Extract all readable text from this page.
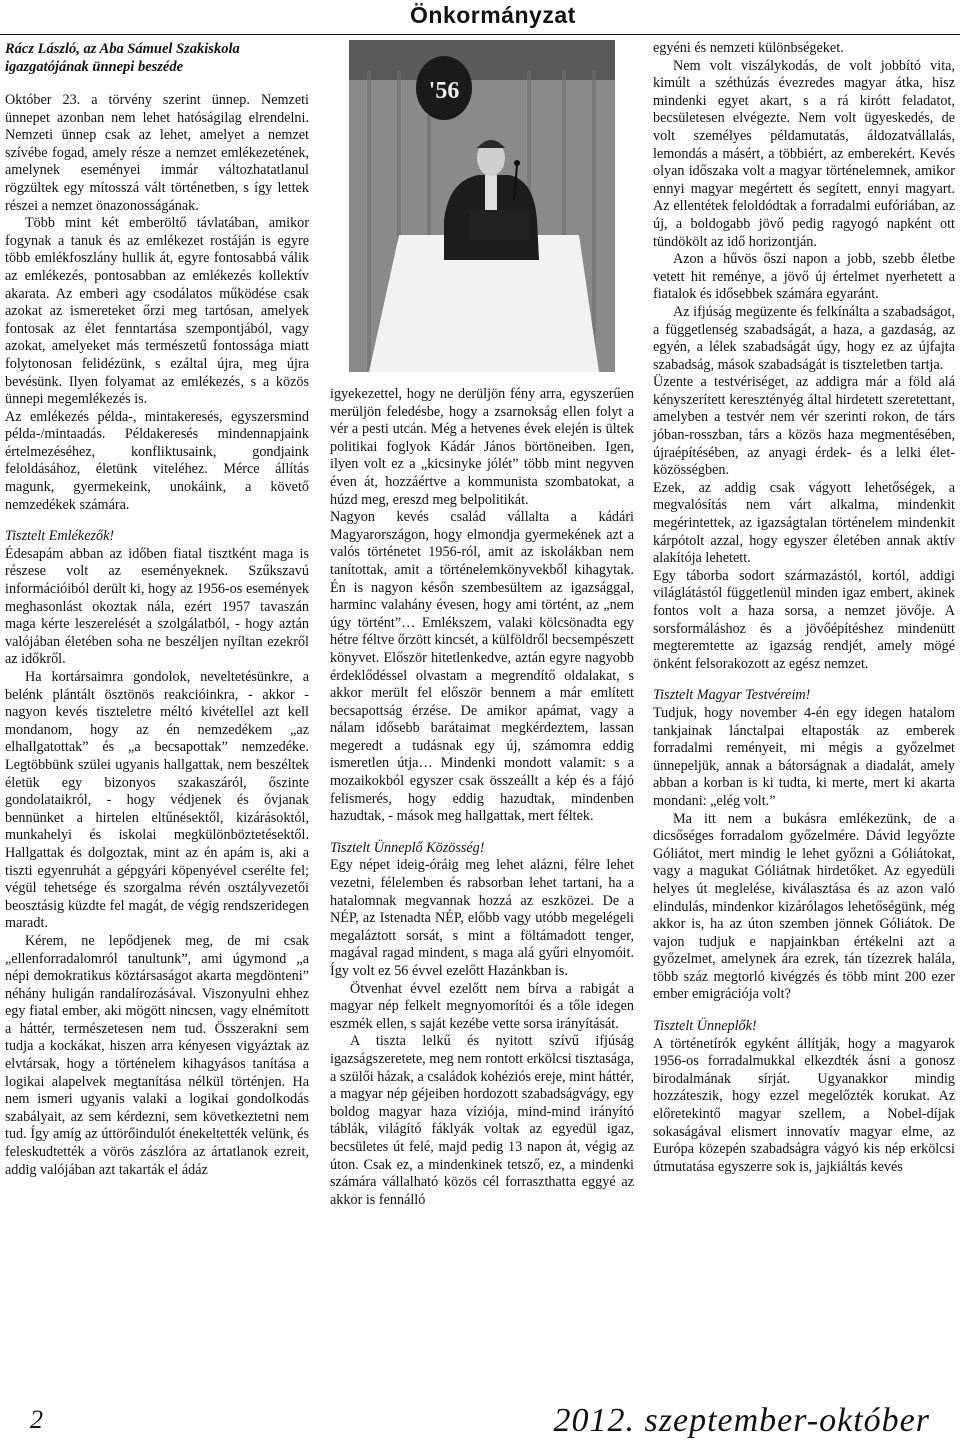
Önkormányzat
Rácz László, az Aba Sámuel Szakiskola igazgatójának ünnepi beszéde

Október 23. a törvény szerint ünnep. Nemzeti ünnepet azonban nem lehet hatóságilag elrendelni. Nemzeti ünnep csak az lehet, amelyet a nemzet szívébe fogad, amely része a nemzet emlékezetének, amelynek eseményei immár változhatatlanul rögzültek egy mítosszá vált történetben, s így lettek részei a nemzet önazonosságának.

Több mint két emberöltő távlatában, amikor fogynak a tanuk és az emlékezet rostáján is egyre több emlékfoszlány hullik át, egyre fontosabbá válik az emlékezés, pontosabban az emlékezés kollektív akarata. Az emberi agy csodálatos működése csak azokat az ismereteket őrzi meg tartósan, amelyek fontosak az élet fenntartása szempontjából, vagy azokat, amelyeket más természetű fontossága miatt folytonosan felidézünk, s ezáltal újra, meg újra bevésünk. Ilyen folyamat az emlékezés, s a közös ünnepi megemlékezés is.

Az emlékezés példa-, mintakeresés, egyszersmind példa-/mintaadás. Példakeresés mindennapjaink értelmezéséhez, konfliktusaink, gondjaink feloldásához, életünk viteléhez. Mérce állítás magunk, gyermekeink, unokáink, a követő nemzedékek számára.

Tisztelt Emlékezők!

Édesapám abban az időben fiatal tisztként maga is részese volt az eseményeknek. Szűkszavú információiból derült ki, hogy az 1956-os események meghasonlást okoztak nála, ezért 1957 tavaszán maga kérte leszerelését a szolgálatból, - hogy aztán valójában életében soha ne beszéljen nyíltan ezekről az időkről.

Ha kortársaimra gondolok, neveltetésünkre, a belénk plántált ösztönös reakcióinkra, - akkor - nagyon kevés tiszteletre méltó kivétellel azt kell mondanom, hogy az én nemzedékem „az elhallgatottak” és „a becsapottak” nemzedéke. Legtöbbünk szülei ugyanis hallgattak, nem beszéltek életük egy bizonyos szakaszáról, őszinte gondolataikról, - hogy védjenek és óvjanak bennünket a hirtelen eltűnésektől, kizárásoktól, munkahelyi és iskolai megkülönböztetésektől. Hallgattak és dolgoztak, mint az én apám is, aki a tiszti egyenruhát a gépgyári köpenyével cserélte fel; végül tehetsége és szorgalma révén osztályvezetői beosztásig küzdte fel magát, de végig rendszeridegen maradt.

Kérem, ne lepődjenek meg, de mi csak „ellenforradalomról tanultunk”, ami úgymond „a népi demokratikus köztársaságot akarta megdönteni” néhány huligán randalírozásával. Viszonyulni ehhez egy fiatal ember, aki mögött nincsen, vagy elnémított a háttér, természetesen nem tud. Összerakni sem tudja a kockákat, hiszen arra kényesen vigyáztak az elvtársak, hogy a történelem kihagyásos tanítása a logikai alapelvek megtanítása nélkül történjen. Ha nem ismeri ugyanis valaki a logikai gondolkodás szabályait, az sem kérdezni, sem következtetni nem tud. Így amíg az úttörőindulót énekeltették velünk, és feleskudtették a vörös zászlóra az ártatlanok ezreit, addig valójában azt takarták el ádáz

'56

igyekezettel, hogy ne derüljön fény arra, egyszerűen merüljön feledésbe, hogy a zsarnokság ellen folyt a vér a pesti utcán. Még a hetvenes évek elején is ültek politikai foglyok Kádár János börtöneiben. Igen, ilyen volt ez a „kicsinyke jólét” több mint negyven éven át, hozzáértve a kommunista szombatokat, a húzd meg, ereszd meg belpolitikát.

Nagyon kevés család vállalta a kádári Magyarországon, hogy elmondja gyermekének azt a valós történetet 1956-ról, amit az iskolákban nem tanítottak, amit a történelemkönyvekből kihagytak. Én is nagyon későn szembesültem az igazsággal, harminc valahány évesen, hogy ami történt, az „nem úgy történt”… Emlékszem, valaki kölcsönadta egy hétre féltve őrzött kincsét, a külföldről becsempészett könyvet. Először hitetlenkedve, aztán egyre nagyobb érdeklődéssel olvastam a megrendítő oldalakat, s akkor merült fel először bennem a már említett becsapottság érzése. De amikor apámat, vagy a nálam idősebb barátaimat megkérdeztem, lassan megeredt a tudásnak egy új, számomra eddig ismeretlen útja… Mindenki mondott valamit: s a mozaikokból egyszer csak összeállt a kép és a fájó felismerés, hogy eddig hazudtak, mindenben hazudtak, - mások meg hallgattak, mert féltek.

Tisztelt Ünneplő Közösség!

Egy népet ideig-óráig meg lehet alázni, félre lehet vezetni, félelemben és rabsorban lehet tartani, ha a hatalomnak megvannak hozzá az eszközei. De a NÉP, az Istenadta NÉP, előbb vagy utóbb megelégeli megaláztott sorsát, s mint a föltámadott tenger, magával ragad mindent, s maga alá gyűri elnyomóit. Így volt ez 56 évvel ezelőtt Hazánkban is.

Ötvenhat évvel ezelőtt nem bírva a rabigát a magyar nép felkelt megnyomorítói és a tőle idegen eszmék ellen, s saját kezébe vette sorsa irányítását.

A tiszta lelkű és nyitott szívű ifjúság igazságszeretete, meg nem rontott erkölcsi tisztasága, a szülői házak, a családok kohéziós ereje, mint háttér, a magyar nép géjeiben hordozott szabadságvágy, egy boldog magyar haza víziója, mind-mind irányító táblák, világító fáklyák voltak az egyedül igaz, becsületes út felé, majd pedig 13 napon át, végig az úton. Csak ez, a mindenkinek tetsző, ez, a mindenki számára vállalható közös cél forraszthatta eggyé az akkor is fennálló

egyéni és nemzeti különbségeket.

Nem volt viszálykodás, de volt jobbító vita, kimúlt a széthúzás évezredes magyar átka, hisz mindenki egyet akart, s a rá kirótt feladatot, becsületesen elvégezte. Nem volt ügyeskedés, de volt személyes példamutatás, áldozatvállalás, lemondás a másért, a többiért, az emberekért. Kevés olyan időszaka volt a magyar történelemnek, amikor ennyi magyar megértett és segített, ennyi magyart. Az ellentétek feloldódtak a forradalmi eufóriában, az új, a boldogabb jövő pedig ragyogó napként ott tündökölt az idő horizontján.

Azon a hűvös őszi napon a jobb, szebb életbe vetett hit reménye, a jövő új értelmet nyerhetett a fiatalok és idősebbek számára egyaránt.

Az ifjúság megüzente és felkínálta a szabadságot, a függetlenség szabadságát, a haza, a gazdaság, az egyén, a lélek szabadságát úgy, hogy ez az újfajta szabadság, mások szabadságát is tiszteletben tartja.

Üzente a testvériséget, az addigra már a föld alá kényszerített keresztényég által hirdetett szeretettant, amelyben a testvér nem vér szerinti rokon, de társ jóban-rosszban, társ a közös haza megmentésében, újraépítésében, az anyagi érdek- és a lelki élet-közösségben.

Ezek, az addig csak vágyott lehetőségek, a megvalósítás nem várt alkalma, mindenkit megérintettek, az igazságtalan történelem mindenkit kárpótolt azzal, hogy egyszer életében annak aktív alakítója lehetett.

Egy táborba sodort származástól, kortól, addigi világlátástól függetlenül minden igaz embert, akinek fontos volt a haza sorsa, a nemzet jövője. A sorsformáláshoz és a jövőépítéshez mindenütt megteremtette az igazság rendjét, amely mögé önként felsorakozott az egész nemzet.

Tisztelt Magyar Testvéreim!

Tudjuk, hogy november 4-én egy idegen hatalom tankjainak lánctalpai eltaposták az emberek forradalmi reményeit, mi mégis a győzelmet ünnepeljük, annak a bátorságnak a diadalát, amely abban a korban is ki tudta, ki merte, mert ki akarta mondani: „elég volt.”

Ma itt nem a bukásra emlékezünk, de a dicsőséges forradalom győzelmére. Dávid legyőzte Góliátot, mert mindig le lehet győzni a Góliátokat, vagy a magukat Góliátnak hirdetőket. Az egyedüli helyes út meglelése, kiválasztása és az azon való elindulás, mindenkor kizárólagos lehetőségünk, még akkor is, ha az úton szemben jönnek Góliátok. De vajon tudjuk e napjainkban értékelni azt a győzelmet, amelynek ára ezrek, tán tízezrek halála, több száz megtorló kivégzés és több mint 200 ezer ember emigrációja volt?

Tisztelt Ünneplők!

A történetírók egyként állítják, hogy a magyarok 1956-os forradalmukkal elkezdték ásni a gonosz birodalmának sírját. Ugyanakkor mindig hozzáteszik, hogy ezzel megelőzték korukat. Az előretekintő magyar szellem, a Nobel-díjak sokaságával elismert innovatív magyar elme, az Európa közepén szabadságra vágyó kis nép erkölcsi útmutatása egyszerre sok is, jajkiáltás kevés

2	2012. szeptember-október
